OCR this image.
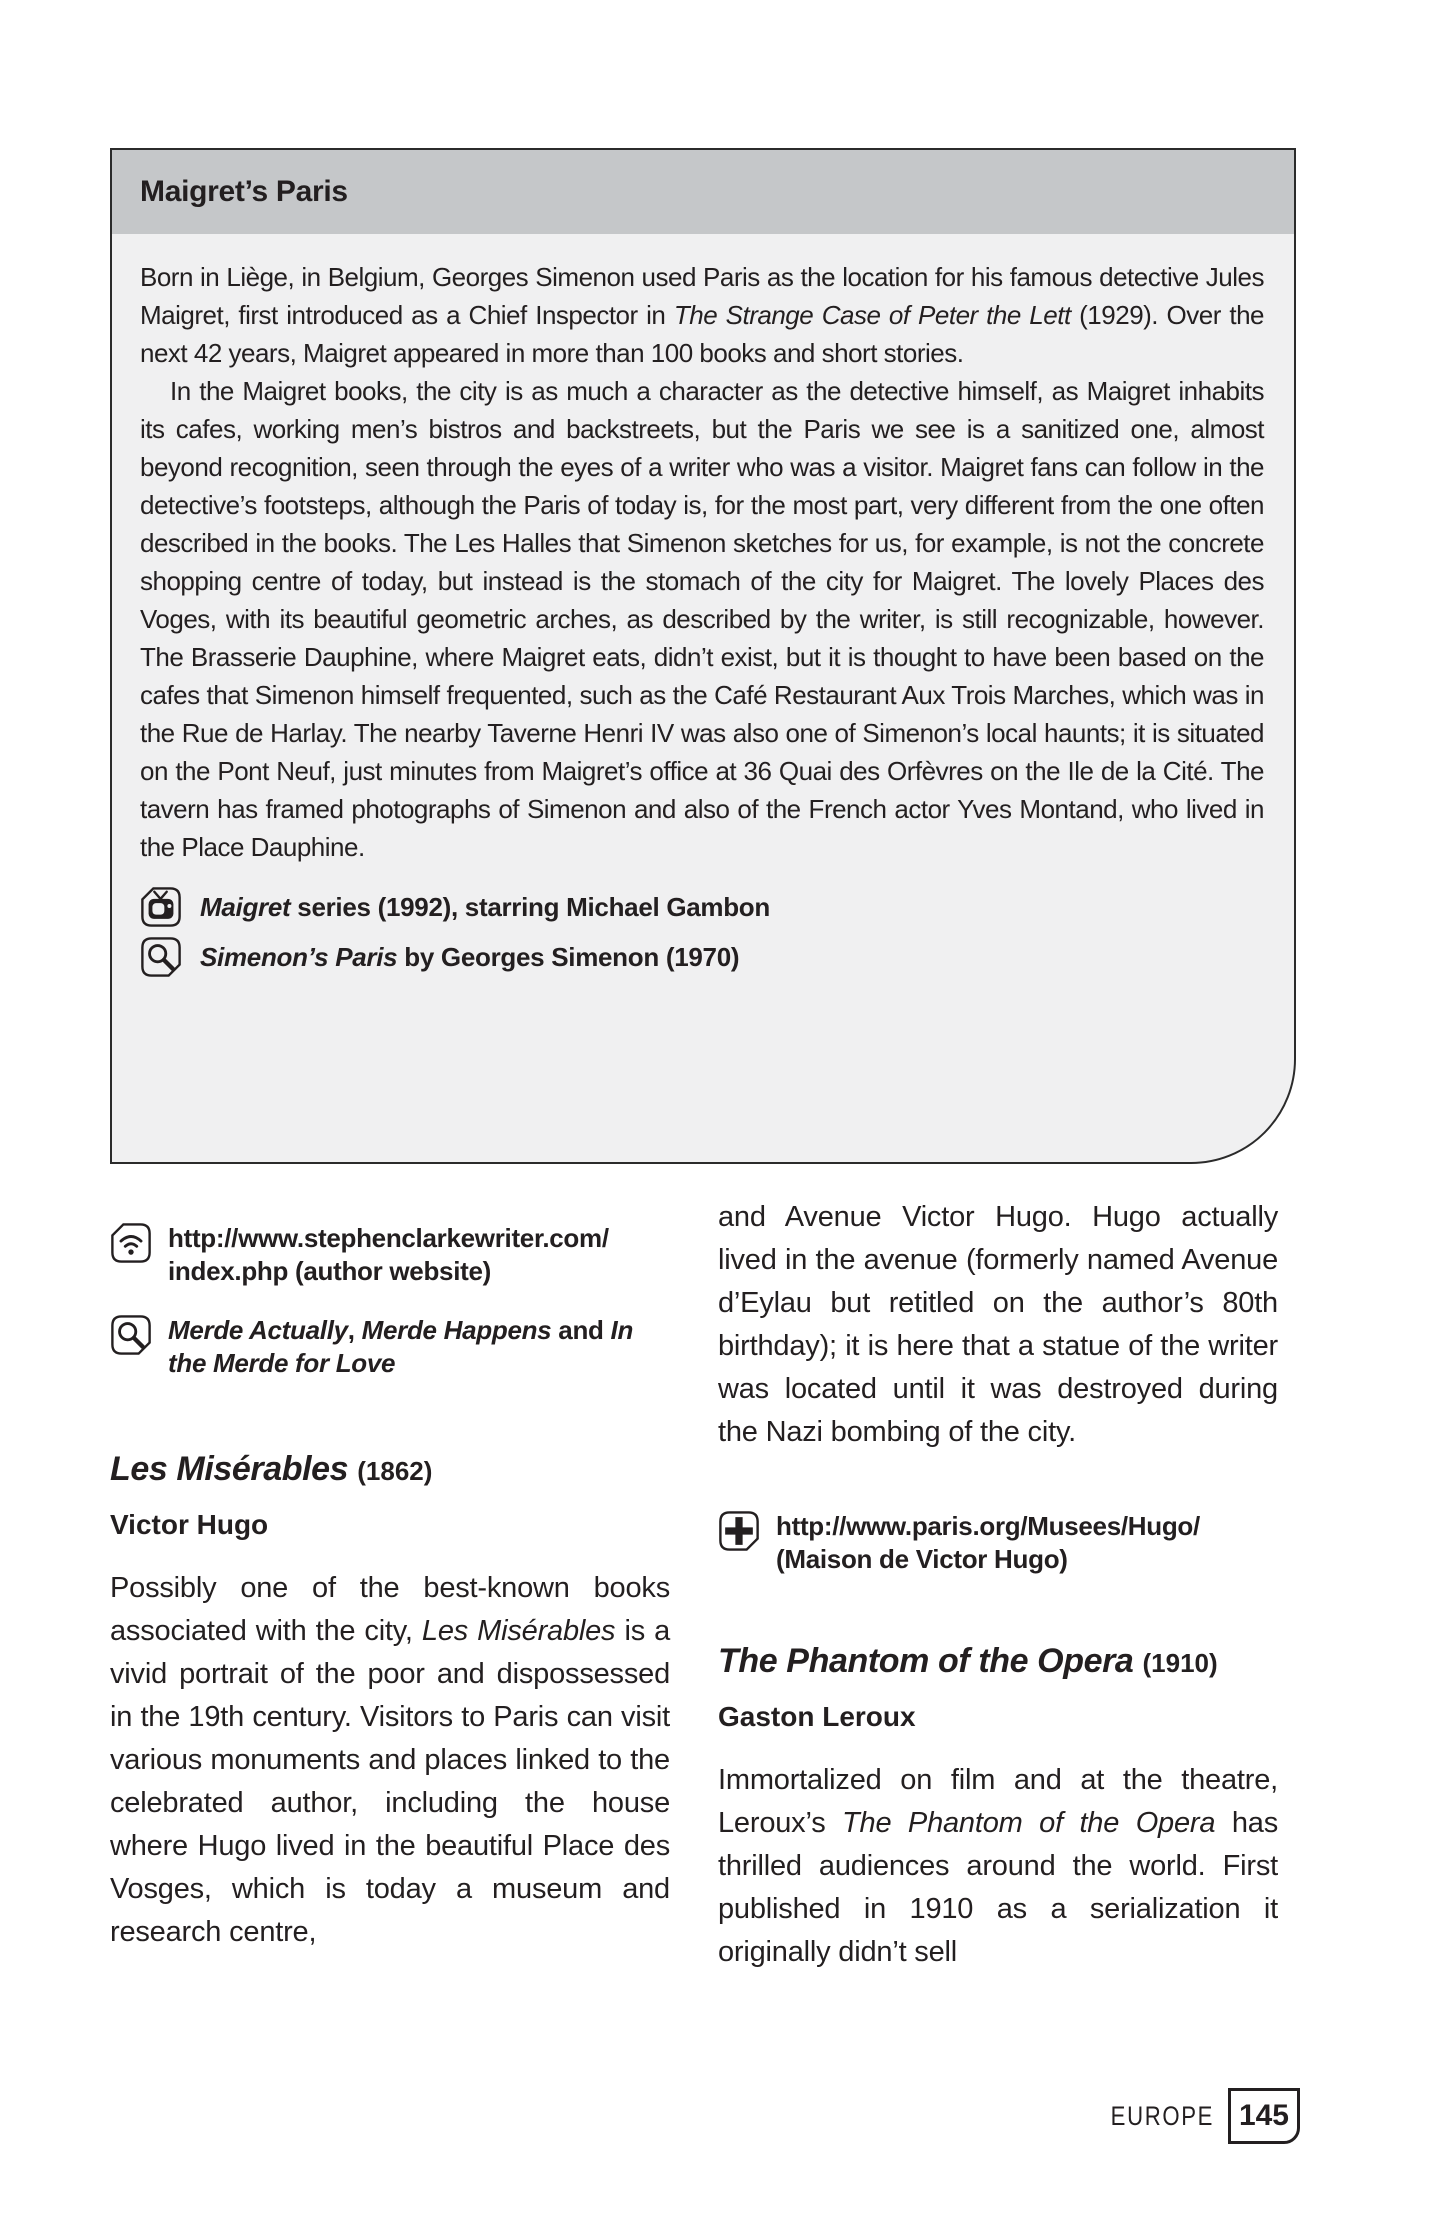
Maigret’s Paris

Born in Liège, in Belgium, Georges Simenon used Paris as the location for his famous detective Jules Maigret, first introduced as a Chief Inspector in The Strange Case of Peter the Lett (1929). Over the next 42 years, Maigret appeared in more than 100 books and short stories.

In the Maigret books, the city is as much a character as the detective himself, as Maigret inhabits its cafes, working men’s bistros and backstreets, but the Paris we see is a sanitized one, almost beyond recognition, seen through the eyes of a writer who was a visitor. Maigret fans can follow in the detective’s footsteps, although the Paris of today is, for the most part, very different from the one often described in the books. The Les Halles that Simenon sketches for us, for example, is not the concrete shopping centre of today, but instead is the stomach of the city for Maigret. The lovely Places des Voges, with its beautiful geometric arches, as described by the writer, is still recognizable, however. The Brasserie Dauphine, where Maigret eats, didn’t exist, but it is thought to have been based on the cafes that Simenon himself frequented, such as the Café Restaurant Aux Trois Marches, which was in the Rue de Harlay. The nearby Taverne Henri IV was also one of Simenon’s local haunts; it is situated on the Pont Neuf, just minutes from Maigret’s office at 36 Quai des Orfèvres on the Ile de la Cité. The tavern has framed photographs of Simenon and also of the French actor Yves Montand, who lived in the Place Dauphine.

Maigret series (1992), starring Michael Gambon

Simenon’s Paris by Georges Simenon (1970)

http://www.stephenclarkewriter.com/
index.php (author website)

Merde Actually, Merde Happens and In the Merde for Love

Les Misérables (1862)

Victor Hugo

Possibly one of the best-known books associated with the city, Les Misérables is a vivid portrait of the poor and dispossessed in the 19th century. Visitors to Paris can visit various monuments and places linked to the celebrated author, including the house where Hugo lived in the beautiful Place des Vosges, which is today a museum and research centre,

and Avenue Victor Hugo. Hugo actually lived in the avenue (formerly named Avenue d’Eylau but retitled on the author’s 80th birthday); it is here that a statue of the writer was located until it was destroyed during the Nazi bombing of the city.

http://www.paris.org/Musees/Hugo/
(Maison de Victor Hugo)

The Phantom of the Opera (1910)

Gaston Leroux

Immortalized on film and at the theatre, Leroux’s The Phantom of the Opera has thrilled audiences around the world. First published in 1910 as a serialization it originally didn’t sell

EUROPE 145
